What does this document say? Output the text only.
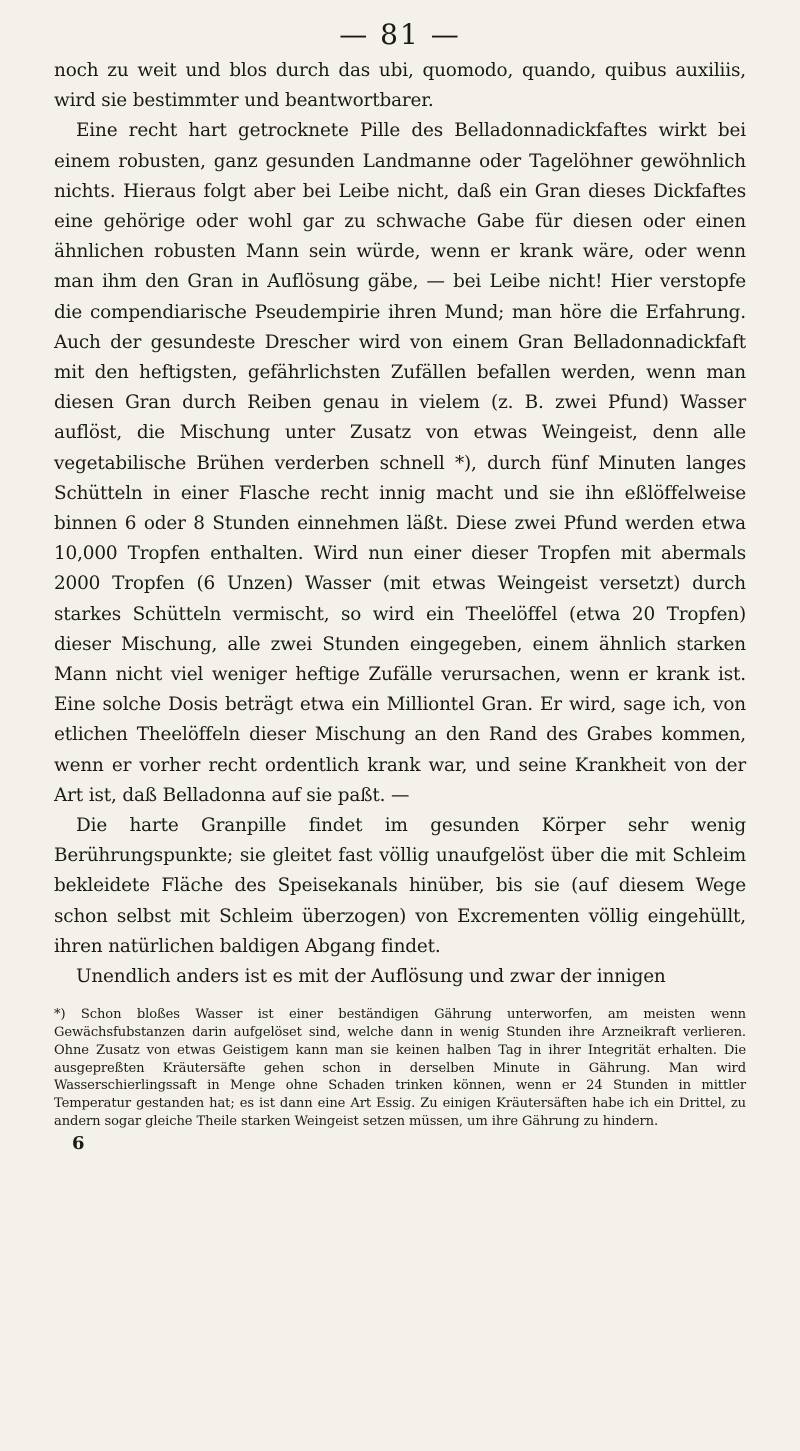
— 81 —

noch zu weit und blos durch das ubi, quomodo, quando, quibus auxiliis, wird sie bestimmter und beantwortbarer.

Eine recht hart getrocknete Pille des Belladonnadickfaftes wirkt bei einem robusten, ganz gesunden Landmanne oder Tagelöhner gewöhnlich nichts. Hieraus folgt aber bei Leibe nicht, daß ein Gran dieses Dickfaftes eine gehörige oder wohl gar zu schwache Gabe für diesen oder einen ähnlichen robusten Mann sein würde, wenn er krank wäre, oder wenn man ihm den Gran in Auflösung gäbe, — bei Leibe nicht! Hier verstopfe die compendiarische Pseudempirie ihren Mund; man höre die Erfahrung. Auch der gesundeste Drescher wird von einem Gran Belladonnadickfaft mit den heftigsten, gefährlichsten Zufällen befallen werden, wenn man diesen Gran durch Reiben genau in vielem (z. B. zwei Pfund) Wasser auflöst, die Mischung unter Zusatz von etwas Weingeist, denn alle vegetabilische Brühen verderben schnell *), durch fünf Minuten langes Schütteln in einer Flasche recht innig macht und sie ihn eßlöffelweise binnen 6 oder 8 Stunden einnehmen läßt. Diese zwei Pfund werden etwa 10,000 Tropfen enthalten. Wird nun einer dieser Tropfen mit abermals 2000 Tropfen (6 Unzen) Wasser (mit etwas Weingeist versetzt) durch starkes Schütteln vermischt, so wird ein Theelöffel (etwa 20 Tropfen) dieser Mischung, alle zwei Stunden eingegeben, einem ähnlich starken Mann nicht viel weniger heftige Zufälle verursachen, wenn er krank ist. Eine solche Dosis beträgt etwa ein Milliontel Gran. Er wird, sage ich, von etlichen Theelöffeln dieser Mischung an den Rand des Grabes kommen, wenn er vorher recht ordentlich krank war, und seine Krankheit von der Art ist, daß Belladonna auf sie paßt. —

Die harte Granpille findet im gesunden Körper sehr wenig Berührungspunkte; sie gleitet fast völlig unaufgelöst über die mit Schleim bekleidete Fläche des Speisekanals hinüber, bis sie (auf diesem Wege schon selbst mit Schleim überzogen) von Excrementen völlig eingehüllt, ihren natürlichen baldigen Abgang findet.

Unendlich anders ist es mit der Auflösung und zwar der innigen

*) Schon bloßes Wasser ist einer beständigen Gährung unterworfen, am meisten wenn Gewächsfubstanzen darin aufgelöset sind, welche dann in wenig Stunden ihre Arzneikraft verlieren. Ohne Zusatz von etwas Geistigem kann man sie keinen halben Tag in ihrer Integrität erhalten. Die ausgepreßten Kräutersäfte gehen schon in derselben Minute in Gährung. Man wird Wasserschierlingssaft in Menge ohne Schaden trinken können, wenn er 24 Stunden in mittler Temperatur gestanden hat; es ist dann eine Art Essig. Zu einigen Kräutersäften habe ich ein Drittel, zu andern sogar gleiche Theile starken Weingeist setzen müssen, um ihre Gährung zu hindern.

6
